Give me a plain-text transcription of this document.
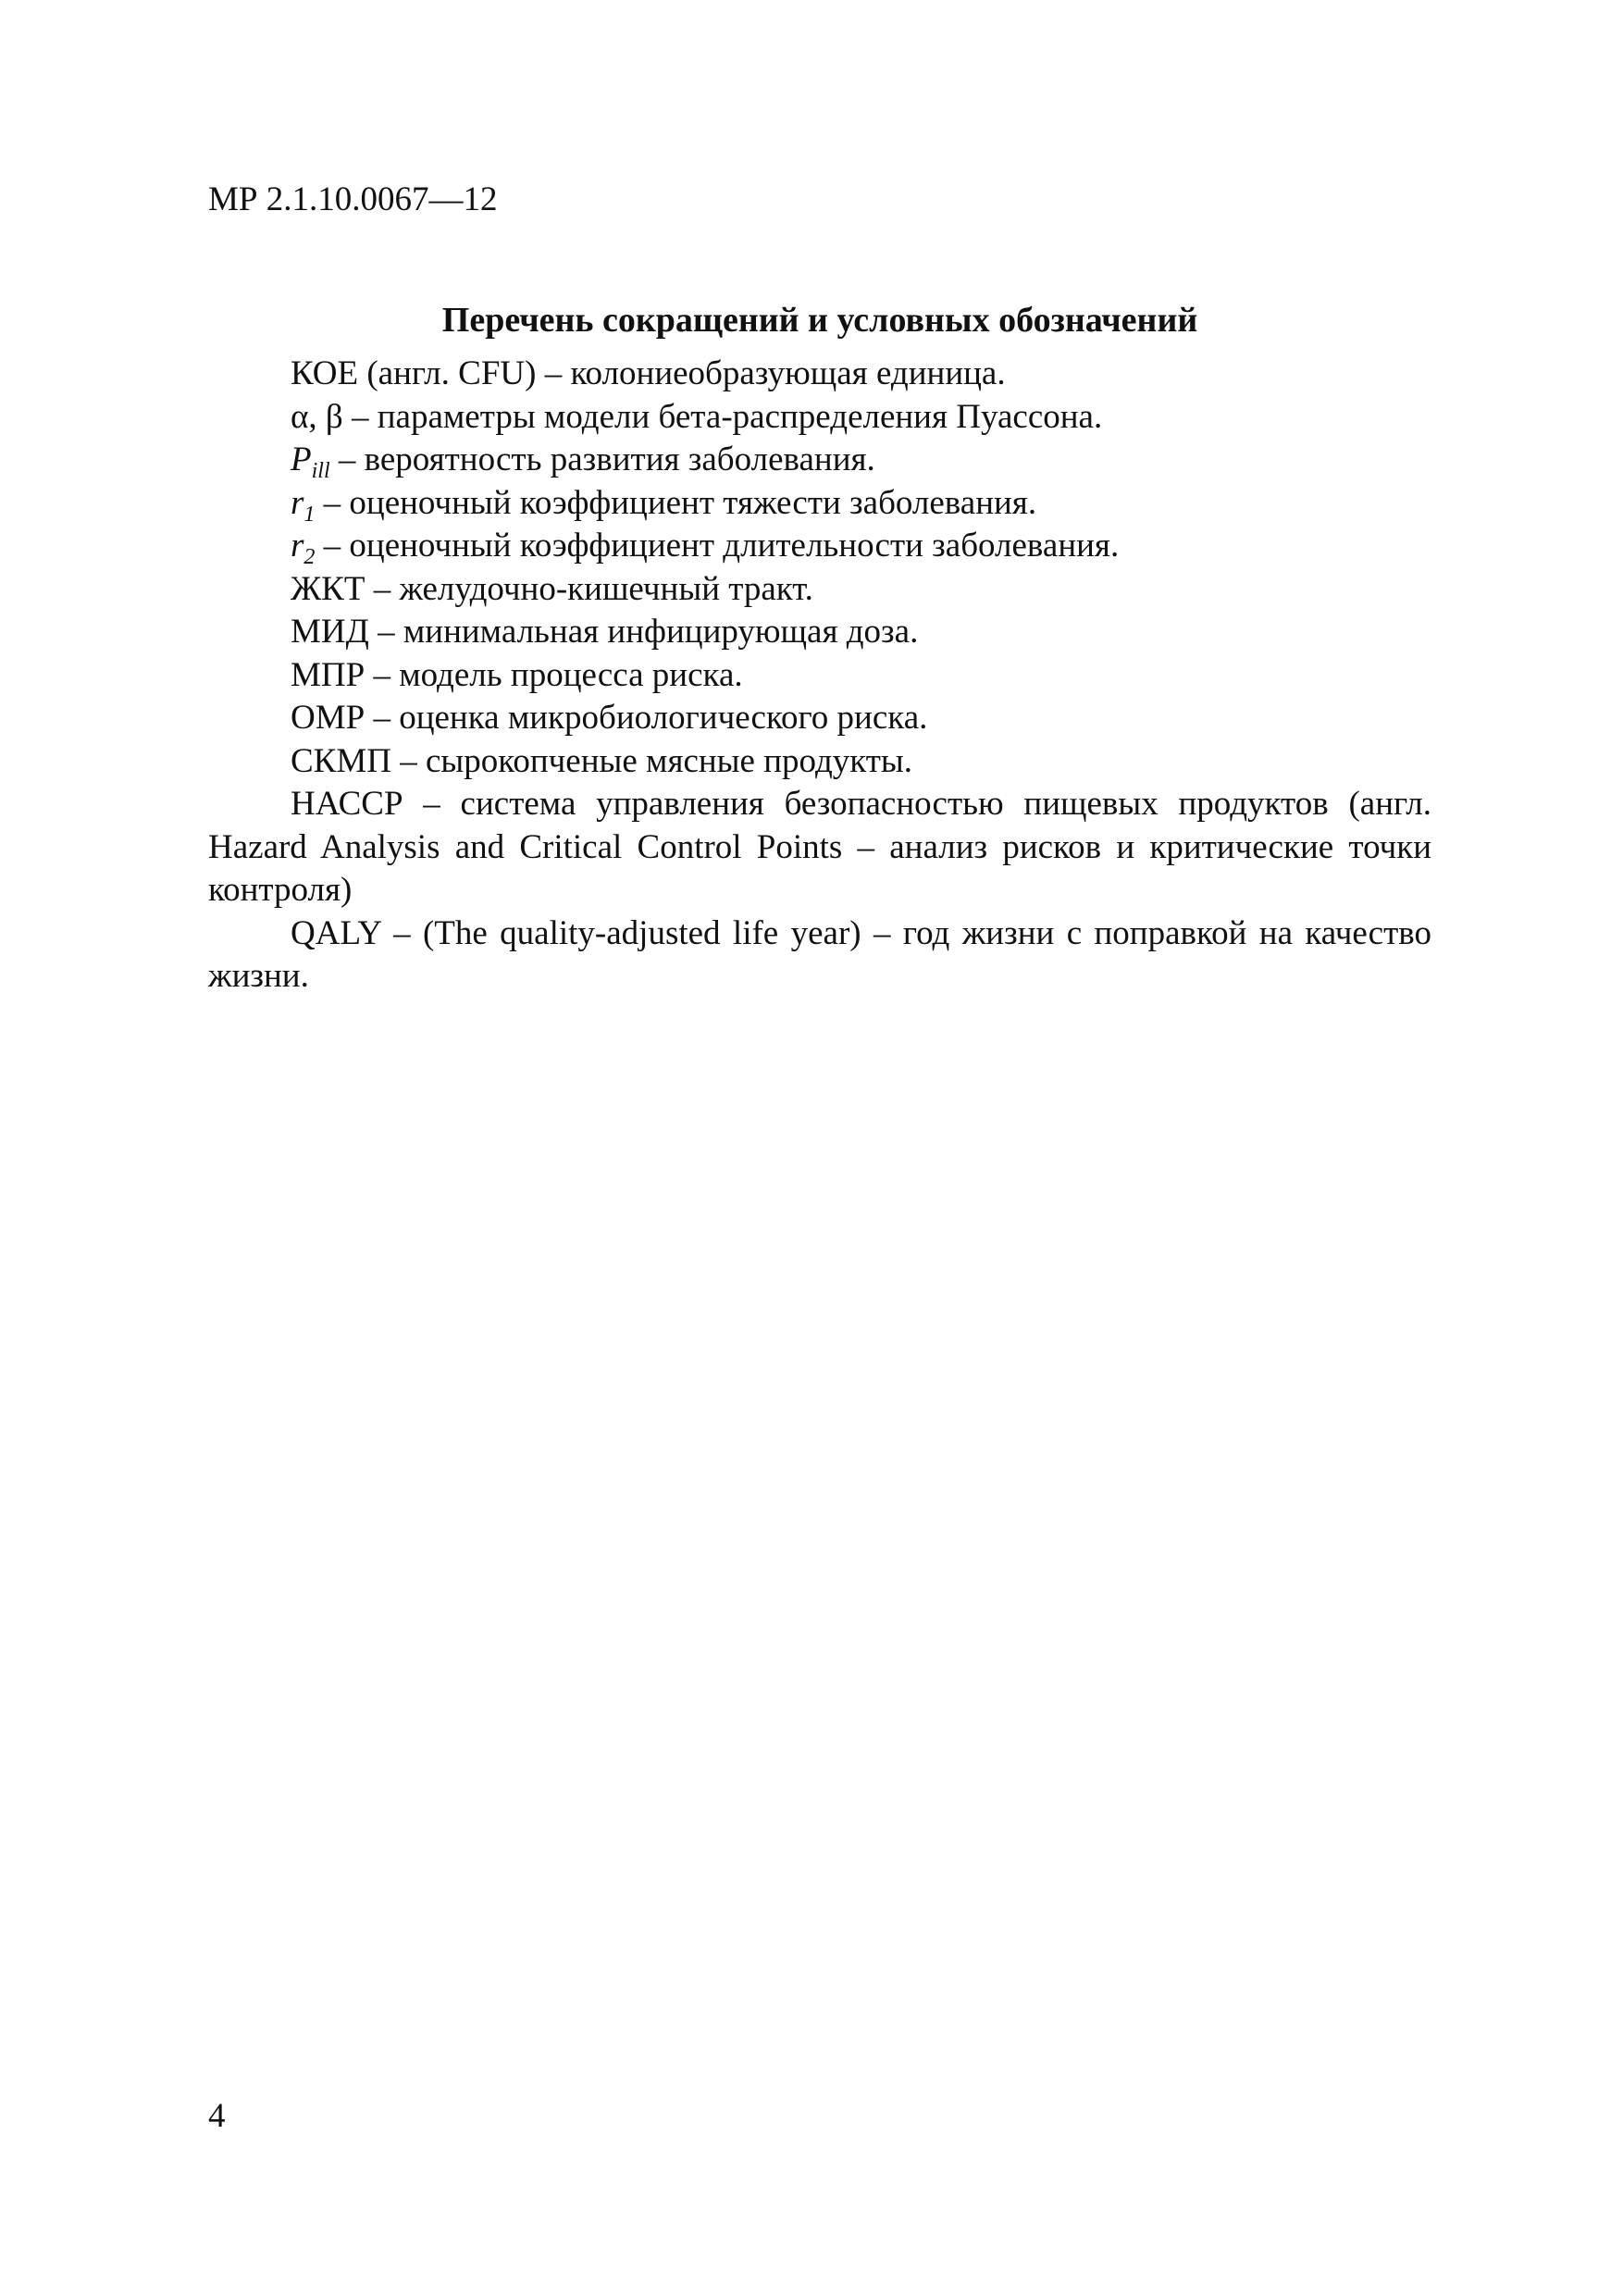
МР 2.1.10.0067—12
Перечень сокращений и условных обозначений
КОЕ (англ. CFU) – колониеобразующая единица.
α, β – параметры модели бета-распределения Пуассона.
$P_{ill}$ – вероятность развития заболевания.
$r_1$ – оценочный коэффициент тяжести заболевания.
$r_2$ – оценочный коэффициент длительности заболевания.
ЖКТ – желудочно-кишечный тракт.
МИД – минимальная инфицирующая доза.
МПР – модель процесса риска.
ОМР – оценка микробиологического риска.
СКМП – сырокопченые мясные продукты.
НАССР – система управления безопасностью пищевых продуктов (англ. Hazard Analysis and Critical Control Points – анализ рисков и критические точки контроля)
QALY – (The quality-adjusted life year) – год жизни с поправкой на качество жизни.
4
